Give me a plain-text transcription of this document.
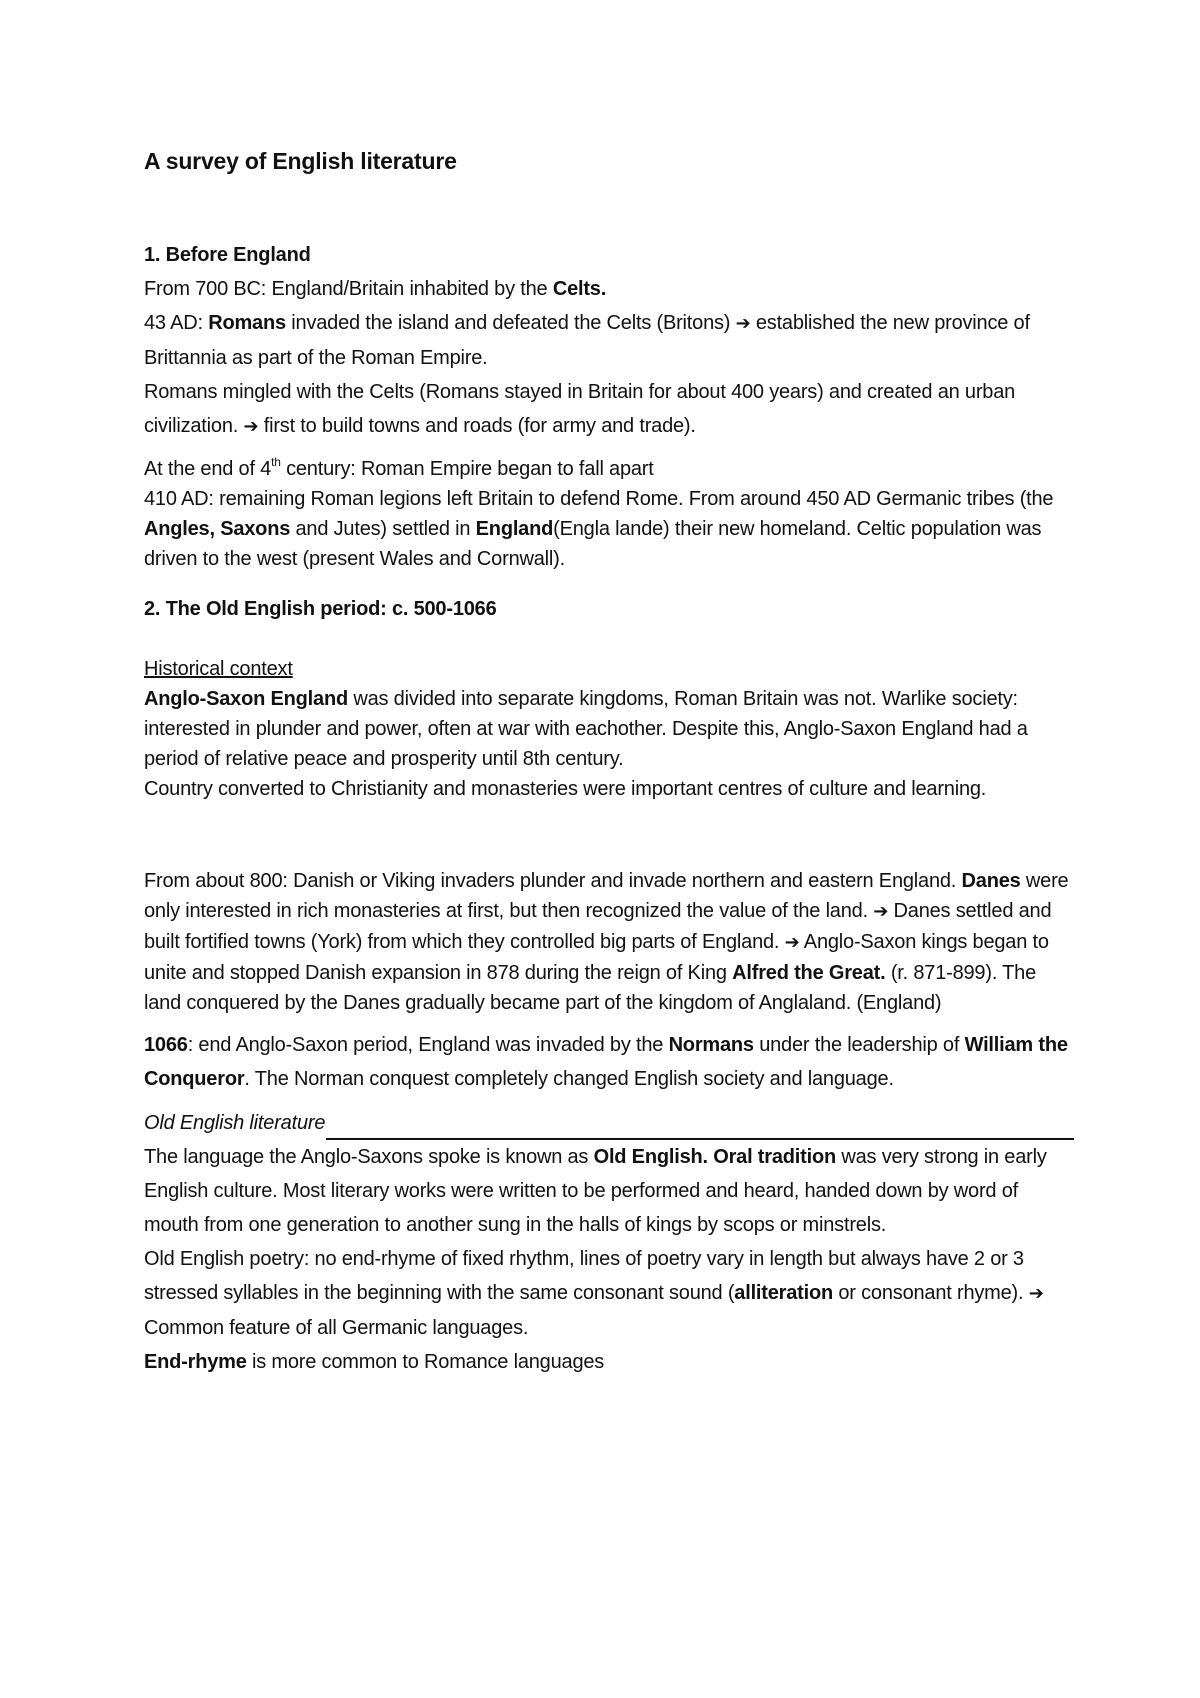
A survey of English literature
1. Before England

From 700 BC: England/Britain inhabited by the Celts.

43 AD: Romans invaded the island and defeated the Celts (Britons) ➔ established the new province of Brittannia as part of the Roman Empire.

Romans mingled with the Celts (Romans stayed in Britain for about 400 years) and created an urban civilization. ➔ first to build towns and roads (for army and trade).

At the end of 4th century: Roman Empire began to fall apart
410 AD: remaining Roman legions left Britain to defend Rome. From around 450 AD Germanic tribes (the Angles, Saxons and Jutes) settled in England(Engla lande) their new homeland. Celtic population was driven to the west (present Wales and Cornwall).

2. The Old English period: c. 500-1066

Historical context

Anglo-Saxon England was divided into separate kingdoms, Roman Britain was not. Warlike society: interested in plunder and power, often at war with eachother. Despite this, Anglo-Saxon England had a period of relative peace and prosperity until 8th century.

Country converted to Christianity and monasteries were important centres of culture and learning.

From about 800: Danish or Viking invaders plunder and invade northern and eastern England. Danes were only interested in rich monasteries at first, but then recognized the value of the land. ➔ Danes settled and built fortified towns (York) from which they controlled big parts of England. ➔ Anglo-Saxon kings began to unite and stopped Danish expansion in 878 during the reign of King Alfred the Great. (r. 871-899). The land conquered by the Danes gradually became part of the kingdom of Anglaland. (England)

1066: end Anglo-Saxon period, England was invaded by the Normans under the leadership of William the Conqueror. The Norman conquest completely changed English society and language.

Old English literature

The language the Anglo-Saxons spoke is known as Old English. Oral tradition was very strong in early English culture. Most literary works were written to be performed and heard, handed down by word of mouth from one generation to another sung in the halls of kings by scops or minstrels.

Old English poetry: no end-rhyme of fixed rhythm, lines of poetry vary in length but always have 2 or 3 stressed syllables in the beginning with the same consonant sound (alliteration or consonant rhyme). ➔ Common feature of all Germanic languages.

End-rhyme is more common to Romance languages
